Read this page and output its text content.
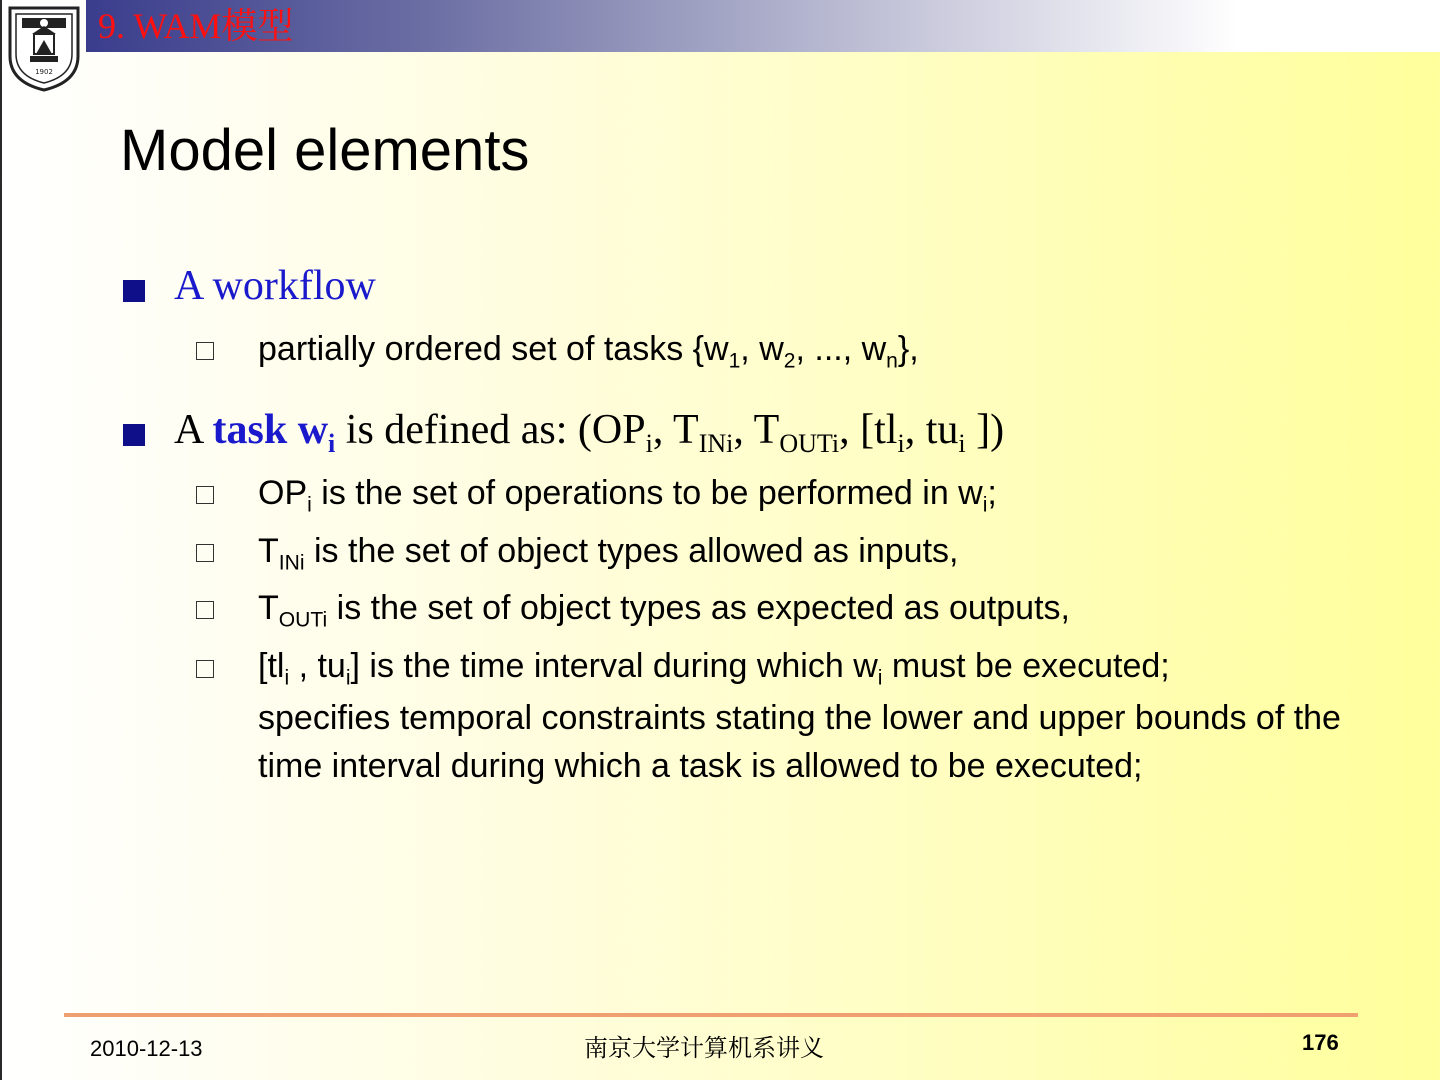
1902
9. WAM模型
Model elements
A workflow
partially ordered set of tasks {$w_1$, $w_2$, ..., $w_n$},
A task $w_i$ is defined as: ($OP_i$, $T_{INi}$, $T_{OUTi}$, [$tl_i$, $tu_i$ ])
$OP_i$ is the set of operations to be performed in $w_i$;
$T_{INi}$ is the set of object types allowed as inputs,
$T_{OUTi}$ is the set of object types as expected as outputs,
[$tl_i$ , $tu_i$] is the time interval during which $w_i$ must be executed;
specifies temporal constraints stating the lower and upper bounds of the time interval during which a task is allowed to be executed;
2010-12-13	南京大学计算机系讲义	176
